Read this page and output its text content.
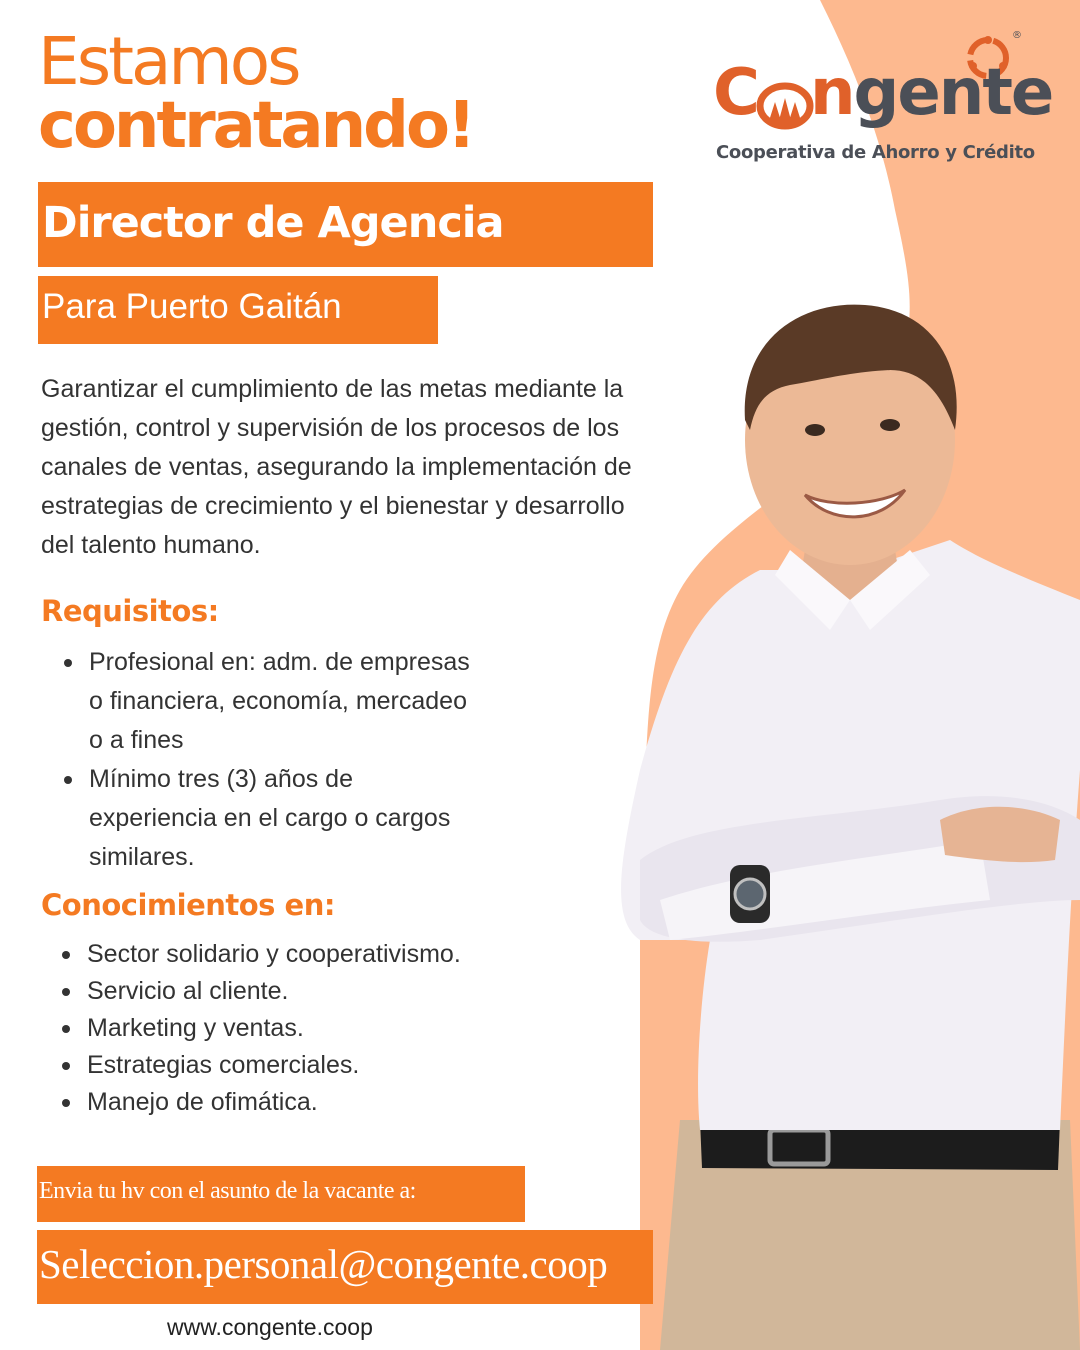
Estamos
contratando!
Director de Agencia
Para Puerto Gaitán
Garantizar el cumplimiento de las metas mediante la gestión, control y supervisión de los procesos de los canales de ventas, asegurando la implementación de estrategias de crecimiento y el bienestar y desarrollo del talento humano.
Requisitos:
Profesional en: adm. de empresas o financiera, economía, mercadeo o a fines
Mínimo tres (3) años de experiencia en el cargo o cargos similares.
Conocimientos en:
Sector solidario y cooperativismo.
Servicio al cliente.
Marketing y ventas.
Estrategias comerciales.
Manejo de ofimática.
Envia tu hv con el asunto de la vacante a:
Seleccion.personal@congente.coop
www.congente.coop
®
C ngente
Cooperativa de Ahorro y Crédito
